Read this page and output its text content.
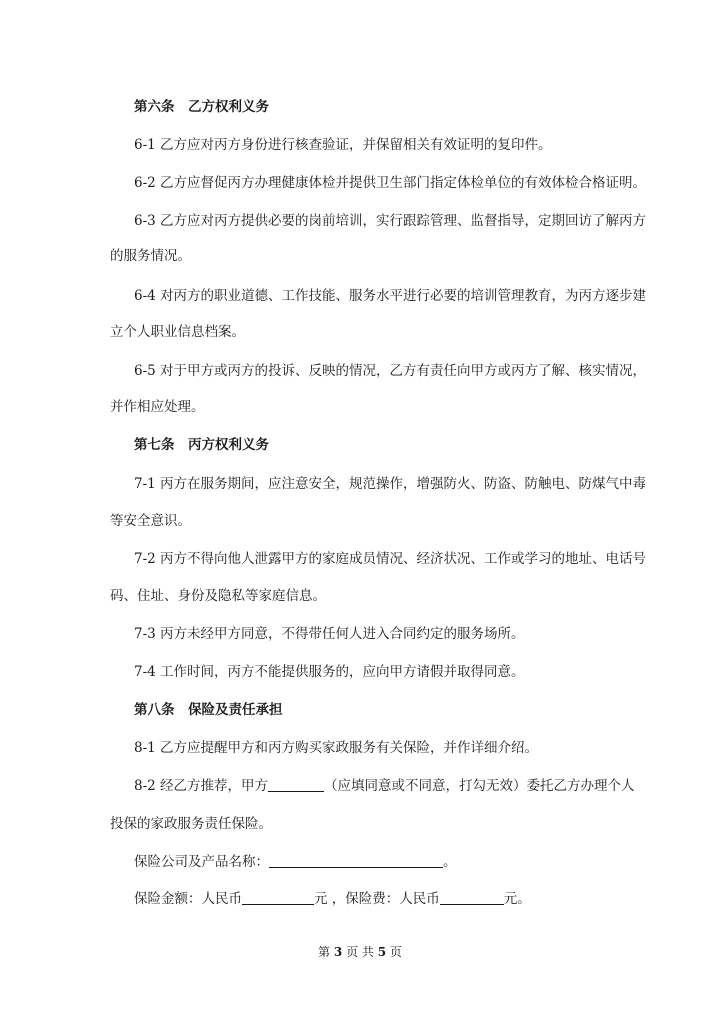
第六条　乙方权利义务
6-1 乙方应对丙方身份进行核查验证，并保留相关有效证明的复印件。
6-2 乙方应督促丙方办理健康体检并提供卫生部门指定体检单位的有效体检合格证明。
6-3 乙方应对丙方提供必要的岗前培训，实行跟踪管理、监督指导，定期回访了解丙方
的服务情况。
6-4 对丙方的职业道德、工作技能、服务水平进行必要的培训管理教育，为丙方逐步建
立个人职业信息档案。
6-5 对于甲方或丙方的投诉、反映的情况，乙方有责任向甲方或丙方了解、核实情况，
并作相应处理。
第七条　丙方权利义务
7-1 丙方在服务期间，应注意安全，规范操作，增强防火、防盗、防触电、防煤气中毒
等安全意识。
7-2 丙方不得向他人泄露甲方的家庭成员情况、经济状况、工作或学习的地址、电话号
码、住址、身份及隐私等家庭信息。
7-3 丙方未经甲方同意，不得带任何人进入合同约定的服务场所。
7-4 工作时间，丙方不能提供服务的，应向甲方请假并取得同意。
第八条　保险及责任承担
8-1 乙方应提醒甲方和丙方购买家政服务有关保险，并作详细介绍。
8-2 经乙方推荐，甲方	（应填同意或不同意，打勾无效）委托乙方办理个人
投保的家政服务责任保险。
保险公司及产品名称：	。
保险金额：人民币	元 ，保险费：人民币	元。
第 3 页 共 5 页
